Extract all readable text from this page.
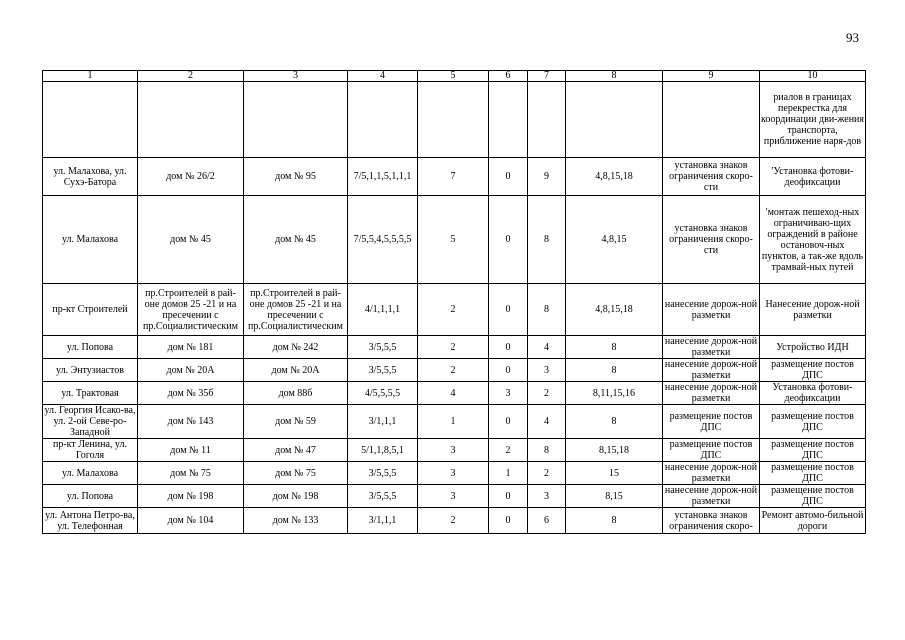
93
1	2	3	4	5	6	7	8	9	10
									риалов в границах перекрестка для координации дви-жения транспорта, приближение наря-дов
ул. Малахова, ул. Сухэ-Батора	дом № 26/2	дом № 95	7/5,1,1,5,1,1,1	7	0	9	4,8,15,18	установка знаков ограничения скоро-сти	'Установка фотови-деофиксации
ул. Малахова	дом № 45	дом № 45	7/5,5,4,5,5,5,5	5	0	8	4,8,15	установка знаков ограничения скоро-сти	'монтаж пешеход-ных ограничиваю-щих ограждений в районе остановоч-ных пунктов, а так-же вдоль трамвай-ных путей
пр-кт Строителей	пр.Строителей в рай-оне домов 25 -21 и на пресечении с пр.Социалистическим	пр.Строителей в рай-оне домов 25 -21 и на пресечении с пр.Социалистическим	4/1,1,1,1	2	0	8	4,8,15,18	нанесение дорож-ной разметки	Нанесение дорож-ной разметки
ул. Попова	дом № 181	дом № 242	3/5,5,5	2	0	4	8	нанесение дорож-ной разметки	Устройство ИДН
ул. Энтузиастов	дом № 20А	дом № 20А	3/5,5,5	2	0	3	8	нанесение дорож-ной разметки	размещение постов ДПС
ул. Трактовая	дом № 35б	дом 88б	4/5,5,5,5	4	3	2	8,11,15,16	нанесение дорож-ной разметки	Установка фотови-деофиксации
ул. Георгия Исако-ва, ул. 2-ой Севе-ро-Западной	дом № 143	дом № 59	3/1,1,1	1	0	4	8	размещение постов ДПС	размещение постов ДПС
пр-кт Ленина, ул. Гоголя	дом № 11	дом № 47	5/1,1,8,5,1	3	2	8	8,15,18	размещение постов ДПС	размещение постов ДПС
ул. Малахова	дом № 75	дом № 75	3/5,5,5	3	1	2	15	нанесение дорож-ной разметки	размещение постов ДПС
ул. Попова	дом № 198	дом № 198	3/5,5,5	3	0	3	8,15	нанесение дорож-ной разметки	размещение постов ДПС
ул. Антона Петро-ва, ул. Телефонная	дом № 104	дом № 133	3/1,1,1	2	0	6	8	установка знаков ограничения скоро-	Ремонт автомо-бильной дороги
